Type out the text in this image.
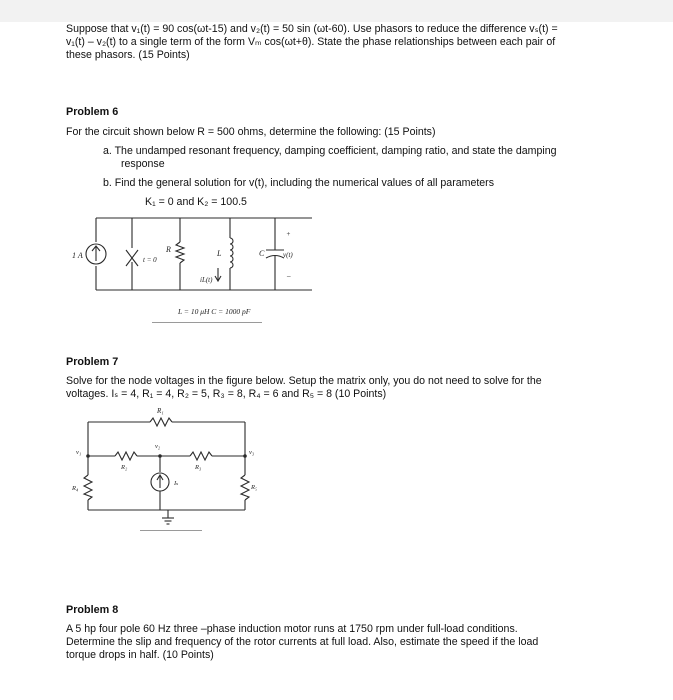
Suppose that v₁(t) = 90 cos(ωt-15) and v₂(t) = 50 sin (ωt-60). Use phasors to reduce the difference vₛ(t) =

v₁(t) – v₂(t) to a single term of the form Vₘ cos(ωt+θ). State the phase relationships between each pair of

these phasors. (15 Points)

Problem 6

For the circuit shown below R = 500 ohms, determine the following: (15 Points)

a. The undamped resonant frequency, damping coefficient, damping ratio, and state the damping

response

b. Find the general solution for v(t), including the numerical values of all parameters

K₁ = 0 and K₂ = 100.5

1 A	t = 0
R	L
iL(t)
C
+
v(t)
−
L = 10 μH C = 1000 pF

Problem 7

Solve for the node voltages in the figure below. Setup the matrix only, you do not need to solve for the

voltages. Iₛ = 4, R₁ = 4, R₂ = 5, R₃ = 8, R₄ = 6 and R₅ = 8 (10 Points)

R₁
R₂	R₃
v₁
v₂
v₃
R₄	R₅
Iₛ

Problem 8

A 5 hp four pole 60 Hz three –phase induction motor runs at 1750 rpm under full-load conditions.

Determine the slip and frequency of the rotor currents at full load. Also, estimate the speed if the load

torque drops in half. (10 Points)
